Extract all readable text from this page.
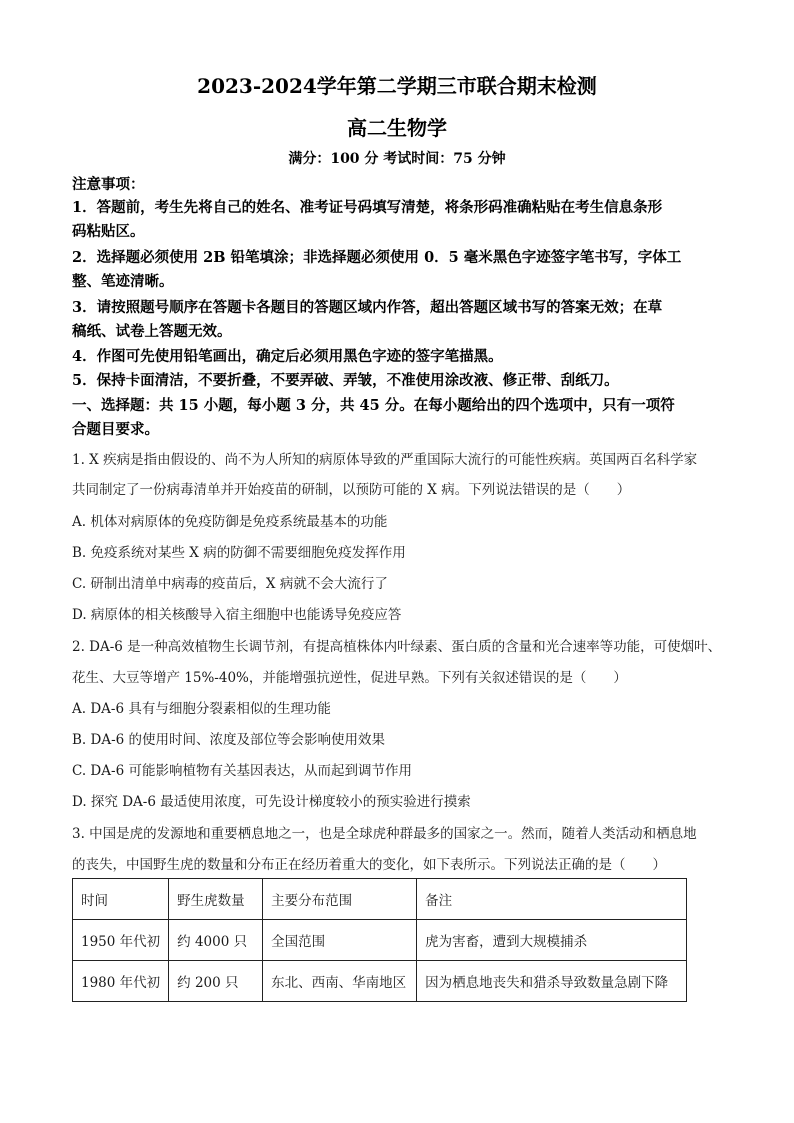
2023-2024学年第二学期三市联合期末检测
高二生物学
满分：100 分 考试时间：75 分钟
注意事项：
1．答题前，考生先将自己的姓名、准考证号码填写清楚，将条形码准确粘贴在考生信息条形
码粘贴区。
2．选择题必须使用 2B 铅笔填涂；非选择题必须使用 0．5 毫米黑色字迹签字笔书写，字体工
整、笔迹清晰。
3．请按照题号顺序在答题卡各题目的答题区域内作答，超出答题区域书写的答案无效；在草
稿纸、试卷上答题无效。
4．作图可先使用铅笔画出，确定后必须用黑色字迹的签字笔描黑。
5．保持卡面清洁，不要折叠，不要弄破、弄皱，不准使用涂改液、修正带、刮纸刀。
一、选择题：共 15 小题，每小题 3 分，共 45 分。在每小题给出的四个选项中，只有一项符
合题目要求。
1. X 疾病是指由假设的、尚不为人所知的病原体导致的严重国际大流行的可能性疾病。英国两百名科学家
共同制定了一份病毒清单并开始疫苗的研制，以预防可能的 X 病。下列说法错误的是（　　）
A. 机体对病原体的免疫防御是免疫系统最基本的功能
B. 免疫系统对某些 X 病的防御不需要细胞免疫发挥作用
C. 研制出清单中病毒的疫苗后，X 病就不会大流行了
D. 病原体的相关核酸导入宿主细胞中也能诱导免疫应答
2. DA-6 是一种高效植物生长调节剂，有提高植株体内叶绿素、蛋白质的含量和光合速率等功能，可使烟叶、
花生、大豆等增产 15%-40%，并能增强抗逆性，促进早熟。下列有关叙述错误的是（　　）
A. DA-6 具有与细胞分裂素相似的生理功能
B. DA-6 的使用时间、浓度及部位等会影响使用效果
C. DA-6 可能影响植物有关基因表达，从而起到调节作用
D. 探究 DA-6 最适使用浓度，可先设计梯度较小的预实验进行摸索
3. 中国是虎的发源地和重要栖息地之一，也是全球虎种群最多的国家之一。然而，随着人类活动和栖息地
的丧失，中国野生虎的数量和分布正在经历着重大的变化，如下表所示。下列说法正确的是（　　）
时间	野生虎数量	主要分布范围	备注
1950 年代初	约 4000 只	全国范围	虎为害畜，遭到大规模捕杀
1980 年代初	约 200 只	东北、西南、华南地区	因为栖息地丧失和猎杀导致数量急剧下降
